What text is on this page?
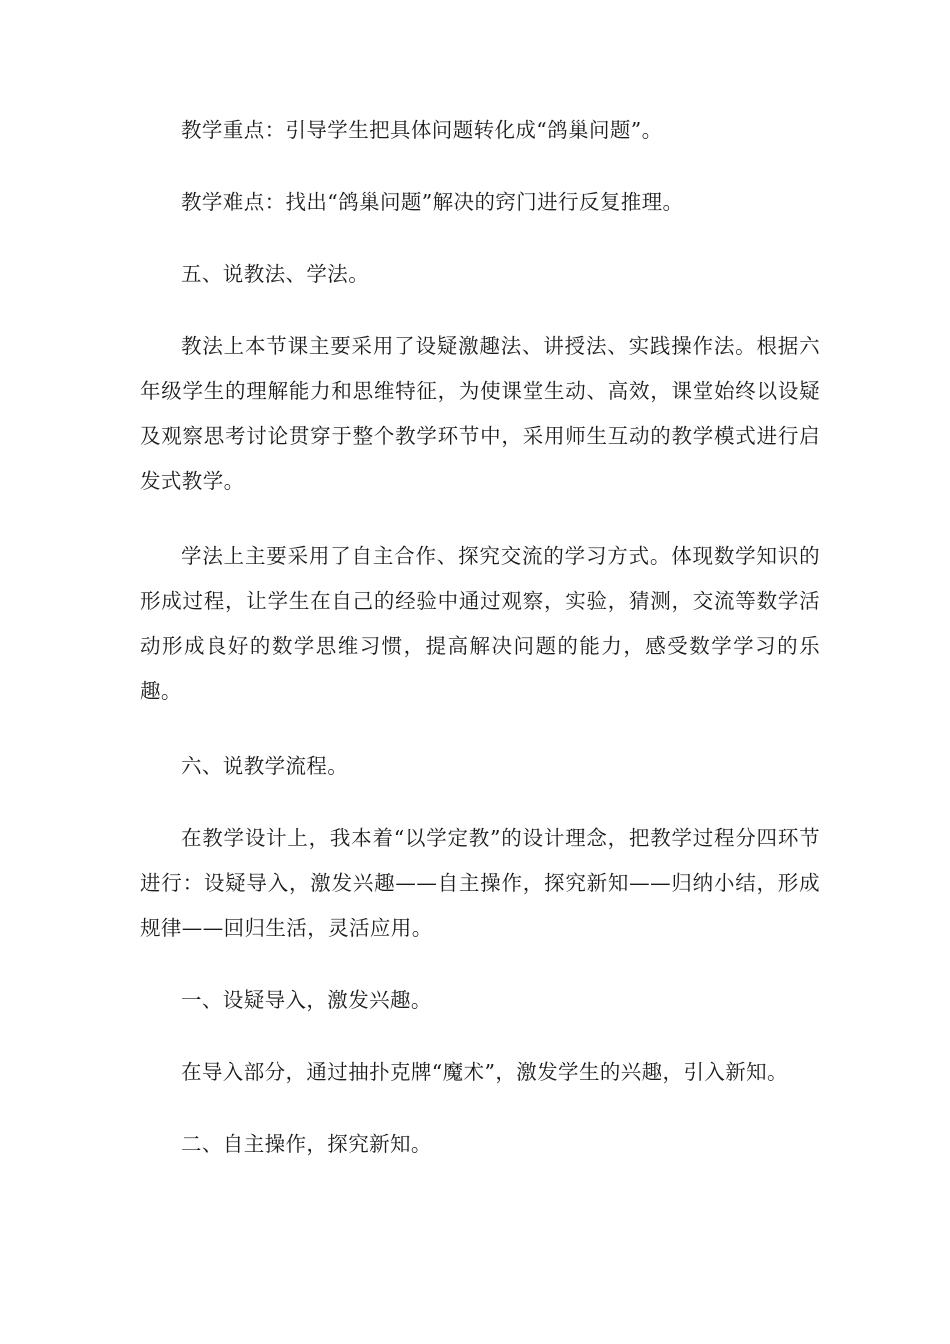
教学重点：引导学生把具体问题转化成“鸽巢问题”。

教学难点：找出“鸽巢问题”解决的窍门进行反复推理。

五、说教法、学法。

教法上本节课主要采用了设疑激趣法、讲授法、实践操作法。根据六年级学生的理解能力和思维特征，为使课堂生动、高效，课堂始终以设疑及观察思考讨论贯穿于整个教学环节中，采用师生互动的教学模式进行启发式教学。

学法上主要采用了自主合作、探究交流的学习方式。体现数学知识的形成过程，让学生在自己的经验中通过观察，实验，猜测，交流等数学活动形成良好的数学思维习惯，提高解决问题的能力，感受数学学习的乐趣。

六、说教学流程。

在教学设计上，我本着“以学定教”的设计理念，把教学过程分四环节进行：设疑导入，激发兴趣——自主操作，探究新知——归纳小结，形成规律——回归生活，灵活应用。

一、设疑导入，激发兴趣。

在导入部分，通过抽扑克牌“魔术”，激发学生的兴趣，引入新知。

二、自主操作，探究新知。
